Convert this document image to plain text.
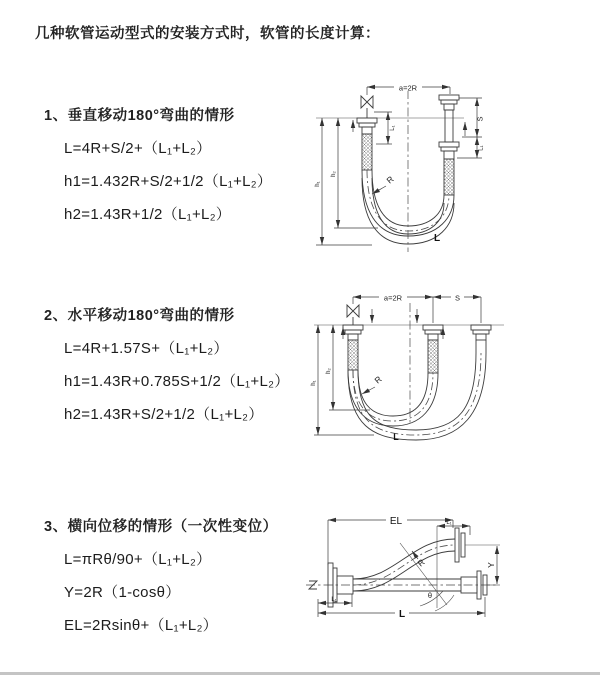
几种软管运动型式的安装方式时，软管的长度计算：
1、垂直移动180°弯曲的情形
L=4R+S/2+（L₁+L₂）
h1=1.432R+S/2+1/2（L₁+L₂）
h2=1.43R+1/2（L₁+L₂）
2、水平移动180°弯曲的情形
L=4R+1.57S+（L₁+L₂）
h1=1.43R+0.785S+1/2（L₁+L₂）
h2=1.43R+S/2+1/2（L₁+L₂）
3、横向位移的情形（一次性变位）
L=πRθ/90+（L₁+L₂）
Y=2R（1-cosθ）
EL=2Rsinθ+（L₁+L₂）
a=2R
L₁
S
L₁
h₁
h₂	R
L
a=2R	S
h₁
h₂
R
L
EL	L₁
Y
θ
R
L₁
L
